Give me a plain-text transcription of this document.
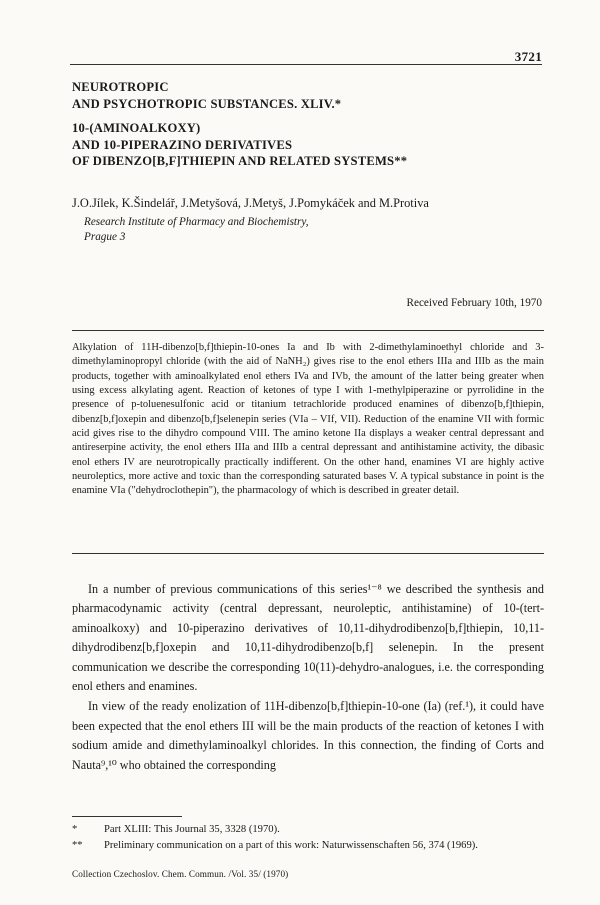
3721
NEUROTROPIC
AND PSYCHOTROPIC SUBSTANCES. XLIV.*
10-(AMINOALKOXY)
AND 10-PIPERAZINO DERIVATIVES
OF DIBENZO[B,F]THIEPIN AND RELATED SYSTEMS**
J.O.Jílek, K.Šindelář, J.Metyšová, J.Metyš, J.Pomykáček and M.Protiva
Research Institute of Pharmacy and Biochemistry,
Prague 3
Received February 10th, 1970

Alkylation of 11H-dibenzo[b,f]thiepin-10-ones Ia and Ib with 2-dimethylaminoethyl chloride and 3-dimethylaminopropyl chloride (with the aid of NaNH₂) gives rise to the enol ethers IIIa and IIIb as the main products, together with aminoalkylated enol ethers IVa and IVb, the amount of the latter being greater when using excess alkylating agent. Reaction of ketones of type I with 1-methylpiperazine or pyrrolidine in the presence of p-toluenesulfonic acid or titanium tetrachloride produced enamines of dibenzo[b,f]thiepin, dibenz[b,f]oxepin and dibenzo[b,f]selenepin series (VIa – VIf, VII). Reduction of the enamine VII with formic acid gives rise to the dihydro compound VIII. The amino ketone IIa displays a weaker central depressant and antireserpine activity, the enol ethers IIIa and IIIb a central depressant and antihistamine activity, the dibasic enol ethers IV are neurotropically practically indifferent. On the other hand, enamines VI are highly active neuroleptics, more active and toxic than the corresponding saturated bases V. A typical substance in point is the enamine VIa ("dehydroclothepin"), the pharmacology of which is described in greater detail.

In a number of previous communications of this series¹⁻⁸ we described the synthesis and pharmacodynamic activity (central depressant, neuroleptic, antihistamine) of 10-(tert-aminoalkoxy) and 10-piperazino derivatives of 10,11-dihydrodibenzo[b,f]thiepin, 10,11-dihydrodibenz[b,f]oxepin and 10,11-dihydrodibenzo[b,f] selenepin. In the present communication we describe the corresponding 10(11)-dehydro-analogues, i.e. the corresponding enol ethers and enamines.

In view of the ready enolization of 11H-dibenzo[b,f]thiepin-10-one (Ia) (ref.¹), it could have been expected that the enol ethers III will be the main products of the reaction of ketones I with sodium amide and dimethylaminoalkyl chlorides. In this connection, the finding of Corts and Nauta⁹,¹⁰ who obtained the corresponding

*	Part XLIII: This Journal 35, 3328 (1970).
**	Preliminary communication on a part of this work: Naturwissenschaften 56, 374 (1969).
Collection Czechoslov. Chem. Commun. /Vol. 35/ (1970)
